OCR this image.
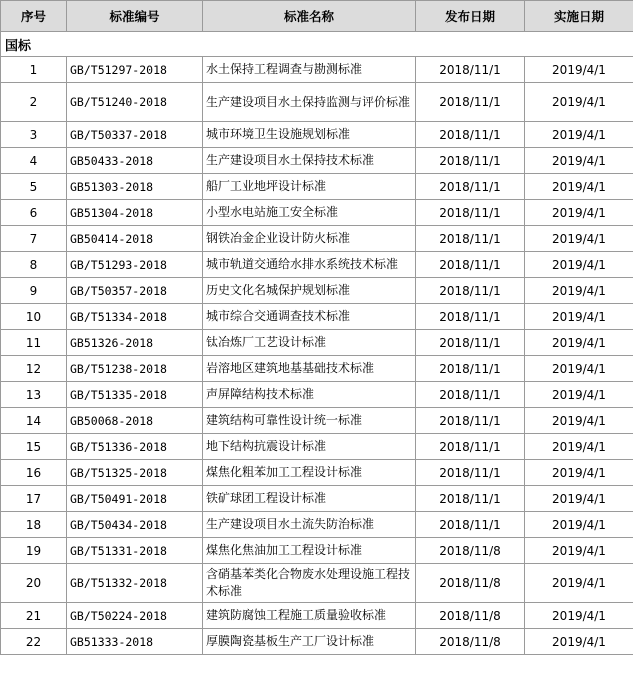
序号	标准编号	标准名称	发布日期	实施日期
国标				
1	GB/T51297-2018	水土保持工程调查与勘测标准	2018/11/1	2019/4/1
2	GB/T51240-2018	生产建设项目水土保持监测与评价标准	2018/11/1	2019/4/1
3	GB/T50337-2018	城市环境卫生设施规划标准	2018/11/1	2019/4/1
4	GB50433-2018	生产建设项目水土保持技术标准	2018/11/1	2019/4/1
5	GB51303-2018	船厂工业地坪设计标准	2018/11/1	2019/4/1
6	GB51304-2018	小型水电站施工安全标准	2018/11/1	2019/4/1
7	GB50414-2018	钢铁冶金企业设计防火标准	2018/11/1	2019/4/1
8	GB/T51293-2018	城市轨道交通给水排水系统技术标准	2018/11/1	2019/4/1
9	GB/T50357-2018	历史文化名城保护规划标准	2018/11/1	2019/4/1
10	GB/T51334-2018	城市综合交通调查技术标准	2018/11/1	2019/4/1
11	GB51326-2018	钛冶炼厂工艺设计标准	2018/11/1	2019/4/1
12	GB/T51238-2018	岩溶地区建筑地基基础技术标准	2018/11/1	2019/4/1
13	GB/T51335-2018	声屏障结构技术标准	2018/11/1	2019/4/1
14	GB50068-2018	建筑结构可靠性设计统一标准	2018/11/1	2019/4/1
15	GB/T51336-2018	地下结构抗震设计标准	2018/11/1	2019/4/1
16	GB/T51325-2018	煤焦化粗苯加工工程设计标准	2018/11/1	2019/4/1
17	GB/T50491-2018	铁矿球团工程设计标准	2018/11/1	2019/4/1
18	GB/T50434-2018	生产建设项目水土流失防治标准	2018/11/1	2019/4/1
19	GB/T51331-2018	煤焦化焦油加工工程设计标准	2018/11/8	2019/4/1
20	GB/T51332-2018	含硝基苯类化合物废水处理设施工程技术标准	2018/11/8	2019/4/1
21	GB/T50224-2018	建筑防腐蚀工程施工质量验收标准	2018/11/8	2019/4/1
22	GB51333-2018	厚膜陶瓷基板生产工厂设计标准	2018/11/8	2019/4/1
